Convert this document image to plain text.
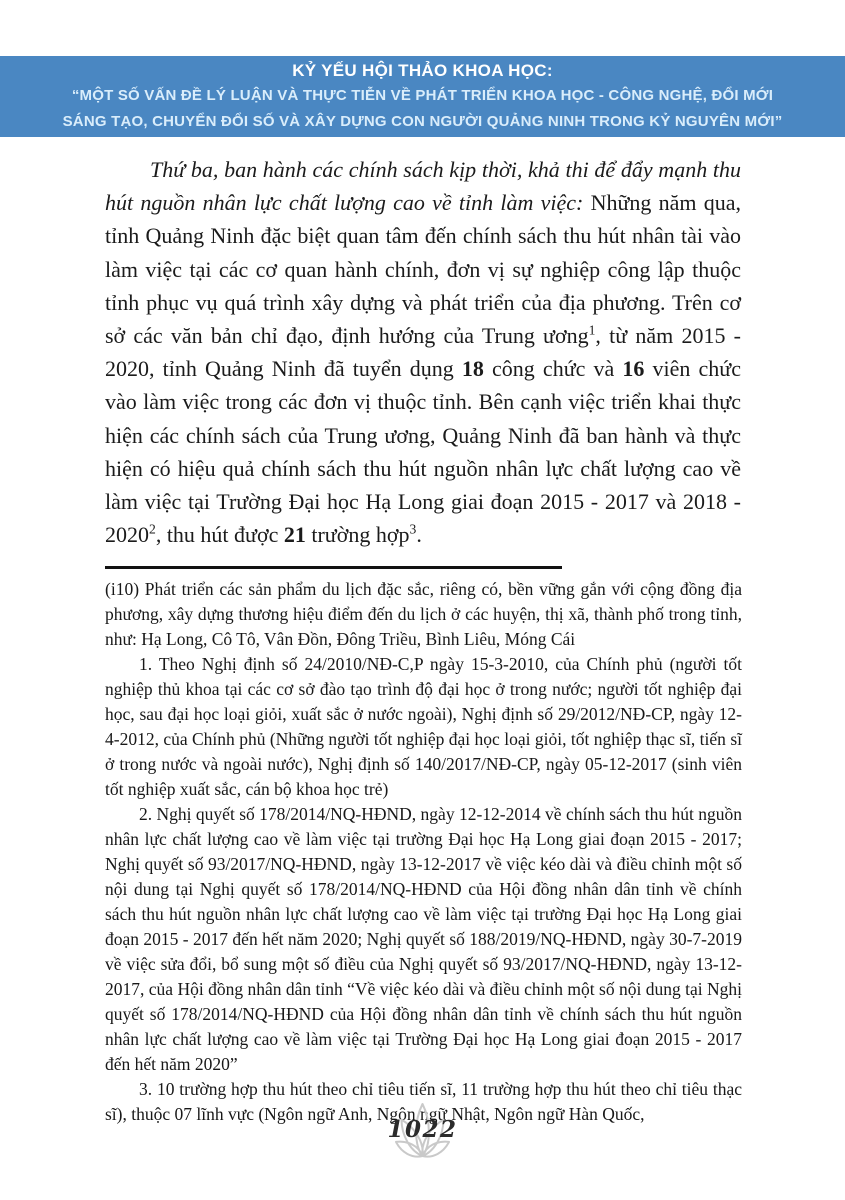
KỶ YẾU HỘI THẢO KHOA HỌC:
“MỘT SỐ VẤN ĐỀ LÝ LUẬN VÀ THỰC TIỄN VỀ PHÁT TRIỂN KHOA HỌC - CÔNG NGHỆ, ĐỔI MỚI
SÁNG TẠO, CHUYỂN ĐỔI SỐ VÀ XÂY DỰNG CON NGƯỜI QUẢNG NINH TRONG KỶ NGUYÊN MỚI”

Thứ ba, ban hành các chính sách kịp thời, khả thi để đẩy mạnh thu hút nguồn nhân lực chất lượng cao về tỉnh làm việc: Những năm qua, tỉnh Quảng Ninh đặc biệt quan tâm đến chính sách thu hút nhân tài vào làm việc tại các cơ quan hành chính, đơn vị sự nghiệp công lập thuộc tỉnh phục vụ quá trình xây dựng và phát triển của địa phương. Trên cơ sở các văn bản chỉ đạo, định hướng của Trung ương$^1$, từ năm 2015 - 2020, tỉnh Quảng Ninh đã tuyển dụng 18 công chức và 16 viên chức vào làm việc trong các đơn vị thuộc tỉnh. Bên cạnh việc triển khai thực hiện các chính sách của Trung ương, Quảng Ninh đã ban hành và thực hiện có hiệu quả chính sách thu hút nguồn nhân lực chất lượng cao về làm việc tại Trường Đại học Hạ Long giai đoạn 2015 - 2017 và 2018 - 2020$^2$, thu hút được 21 trường hợp$^3$.

(i10) Phát triển các sản phẩm du lịch đặc sắc, riêng có, bền vững gắn với cộng đồng địa phương, xây dựng thương hiệu điểm đến du lịch ở các huyện, thị xã, thành phố trong tỉnh, như: Hạ Long, Cô Tô, Vân Đồn, Đông Triều, Bình Liêu, Móng Cái

1. Theo Nghị định số 24/2010/NĐ-C,P ngày 15-3-2010, của Chính phủ (người tốt nghiệp thủ khoa tại các cơ sở đào tạo trình độ đại học ở trong nước; người tốt nghiệp đại học, sau đại học loại giỏi, xuất sắc ở nước ngoài), Nghị định số 29/2012/NĐ-CP, ngày 12-4-2012, của Chính phủ (Những người tốt nghiệp đại học loại giỏi, tốt nghiệp thạc sĩ, tiến sĩ ở trong nước và ngoài nước), Nghị định số 140/2017/NĐ-CP, ngày 05-12-2017 (sinh viên tốt nghiệp xuất sắc, cán bộ khoa học trẻ)

2. Nghị quyết số 178/2014/NQ-HĐND, ngày 12-12-2014 về chính sách thu hút nguồn nhân lực chất lượng cao về làm việc tại trường Đại học Hạ Long giai đoạn 2015 - 2017; Nghị quyết số 93/2017/NQ-HĐND, ngày 13-12-2017 về việc kéo dài và điều chỉnh một số nội dung tại Nghị quyết số 178/2014/NQ-HĐND của Hội đồng nhân dân tỉnh về chính sách thu hút nguồn nhân lực chất lượng cao về làm việc tại trường Đại học Hạ Long giai đoạn 2015 - 2017 đến hết năm 2020; Nghị quyết số 188/2019/NQ-HĐND, ngày 30-7-2019 về việc sửa đổi, bổ sung một số điều của Nghị quyết số 93/2017/NQ-HĐND, ngày 13-12-2017, của Hội đồng nhân dân tỉnh “Về việc kéo dài và điều chỉnh một số nội dung tại Nghị quyết số 178/2014/NQ-HĐND của Hội đồng nhân dân tỉnh về chính sách thu hút nguồn nhân lực chất lượng cao về làm việc tại Trường Đại học Hạ Long giai đoạn 2015 - 2017 đến hết năm 2020”

3. 10 trường hợp thu hút theo chỉ tiêu tiến sĩ, 11 trường hợp thu hút theo chỉ tiêu thạc sĩ), thuộc 07 lĩnh vực (Ngôn ngữ Anh, Ngôn ngữ Nhật, Ngôn ngữ Hàn Quốc,

1022
